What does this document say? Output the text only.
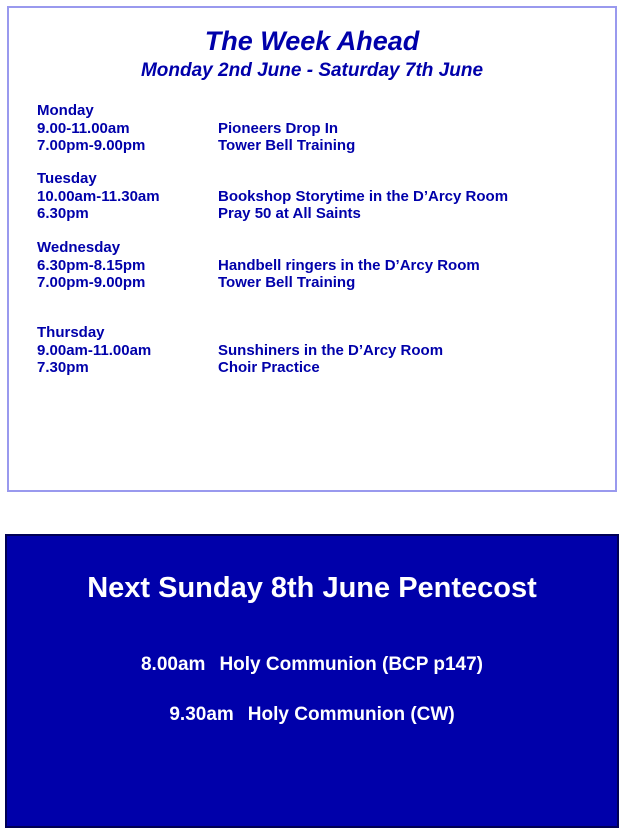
The Week Ahead
Monday 2nd June - Saturday 7th June
Monday
9.00-11.00am	Pioneers Drop In
7.00pm-9.00pm	Tower Bell Training
Tuesday
10.00am-11.30am	Bookshop Storytime in the D’Arcy Room
6.30pm	Pray 50 at All Saints
Wednesday
6.30pm-8.15pm	Handbell ringers in the D’Arcy Room
7.00pm-9.00pm	Tower Bell Training
Thursday
9.00am-11.00am	Sunshiners in the D’Arcy Room
7.30pm	Choir Practice
Next Sunday 8th June Pentecost
8.00am Holy Communion (BCP p147)
9.30am Holy Communion (CW)
